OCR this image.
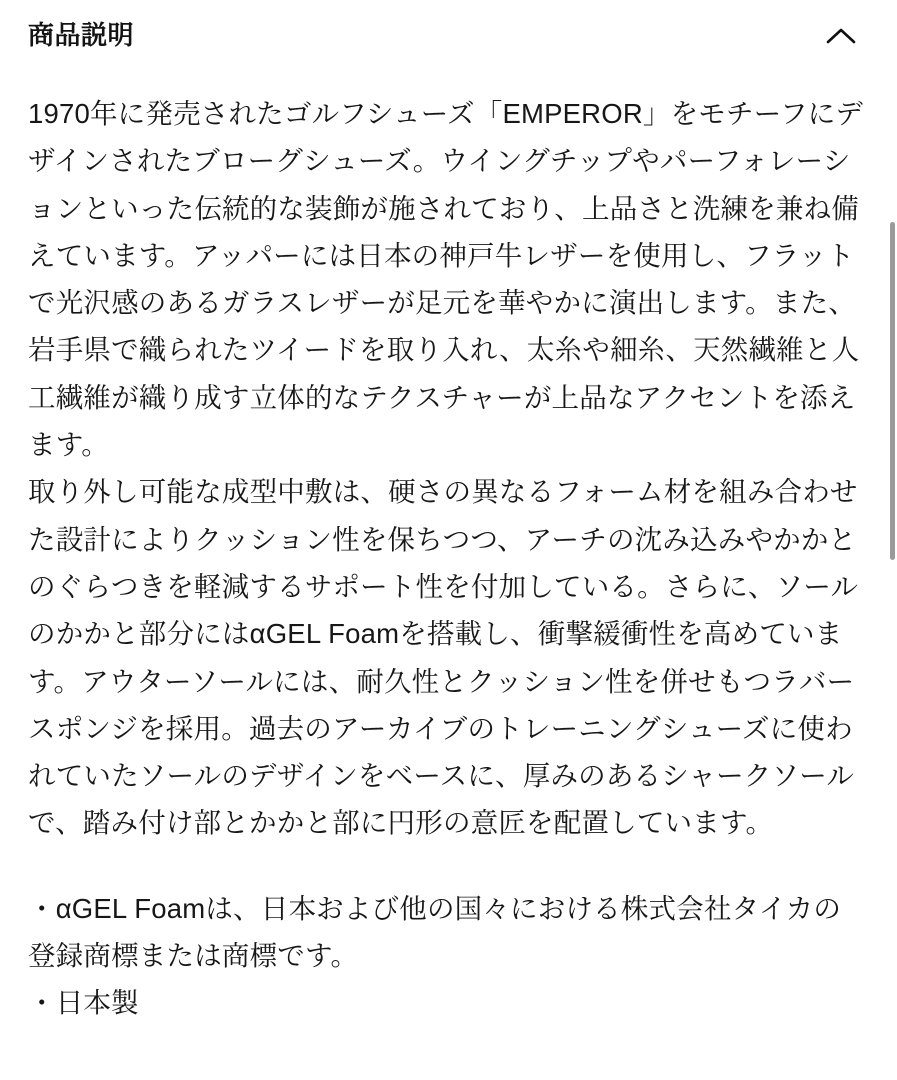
商品説明

1970年に発売されたゴルフシューズ「EMPEROR」をモチーフにデザインされたブローグシューズ。ウイングチップやパーフォレーションといった伝統的な装飾が施されており、上品さと洗練を兼ね備えています。アッパーには日本の神戸牛レザーを使用し、フラットで光沢感のあるガラスレザーが足元を華やかに演出します。また、岩手県で織られたツイードを取り入れ、太糸や細糸、天然繊維と人工繊維が織り成す立体的なテクスチャーが上品なアクセントを添えます。

取り外し可能な成型中敷は、硬さの異なるフォーム材を組み合わせた設計によりクッション性を保ちつつ、アーチの沈み込みやかかとのぐらつきを軽減するサポート性を付加している。さらに、ソールのかかと部分にはαGEL Foamを搭載し、衝撃緩衝性を高めています。アウターソールには、耐久性とクッション性を併せもつラバースポンジを採用。過去のアーカイブのトレーニングシューズに使われていたソールのデザインをベースに、厚みのあるシャークソールで、踏み付け部とかかと部に円形の意匠を配置しています。

・αGEL Foamは、日本および他の国々における株式会社タイカの登録商標または商標です。
・日本製
